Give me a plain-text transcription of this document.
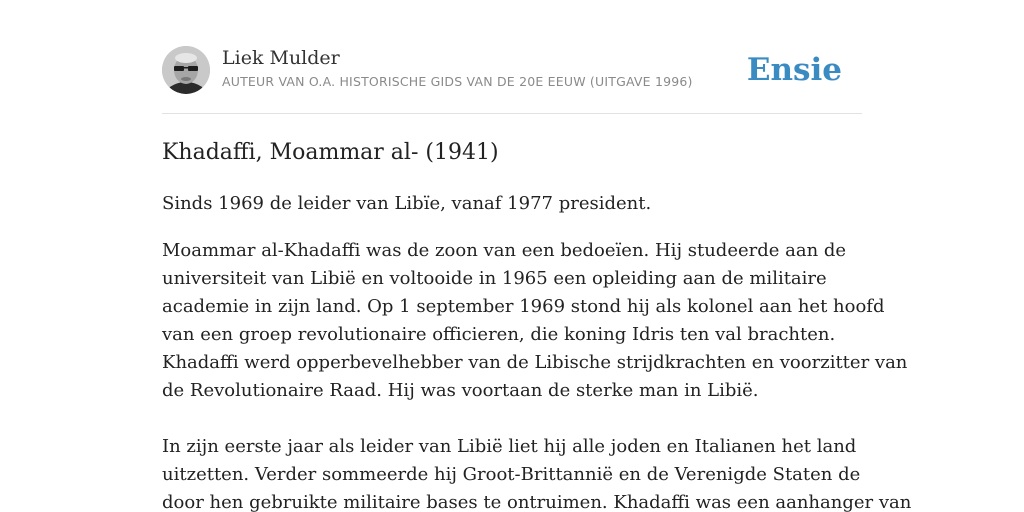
Liek Mulder
AUTEUR VAN O.A. HISTORISCHE GIDS VAN DE 20E EEUW (UITGAVE 1996) Ensie
Khadaffi, Moammar al- (1941)

Sinds 1969 de leider van Libïe, vanaf 1977 president.

Moammar al-Khadaffi was de zoon van een bedoeïen. Hij studeerde aan de
universiteit van Libië en voltooide in 1965 een opleiding aan de militaire
academie in zijn land. Op 1 september 1969 stond hij als kolonel aan het hoofd
van een groep revolutionaire officieren, die koning Idris ten val brachten.
Khadaffi werd opperbevelhebber van de Libische strijdkrachten en voorzitter van
de Revolutionaire Raad. Hij was voortaan de sterke man in Libië.
In zijn eerste jaar als leider van Libië liet hij alle joden en Italianen het land
uitzetten. Verder sommeerde hij Groot-Brittannië en de Verenigde Staten de
door hen gebruikte militaire bases te ontruimen. Khadaffi was een aanhanger van
